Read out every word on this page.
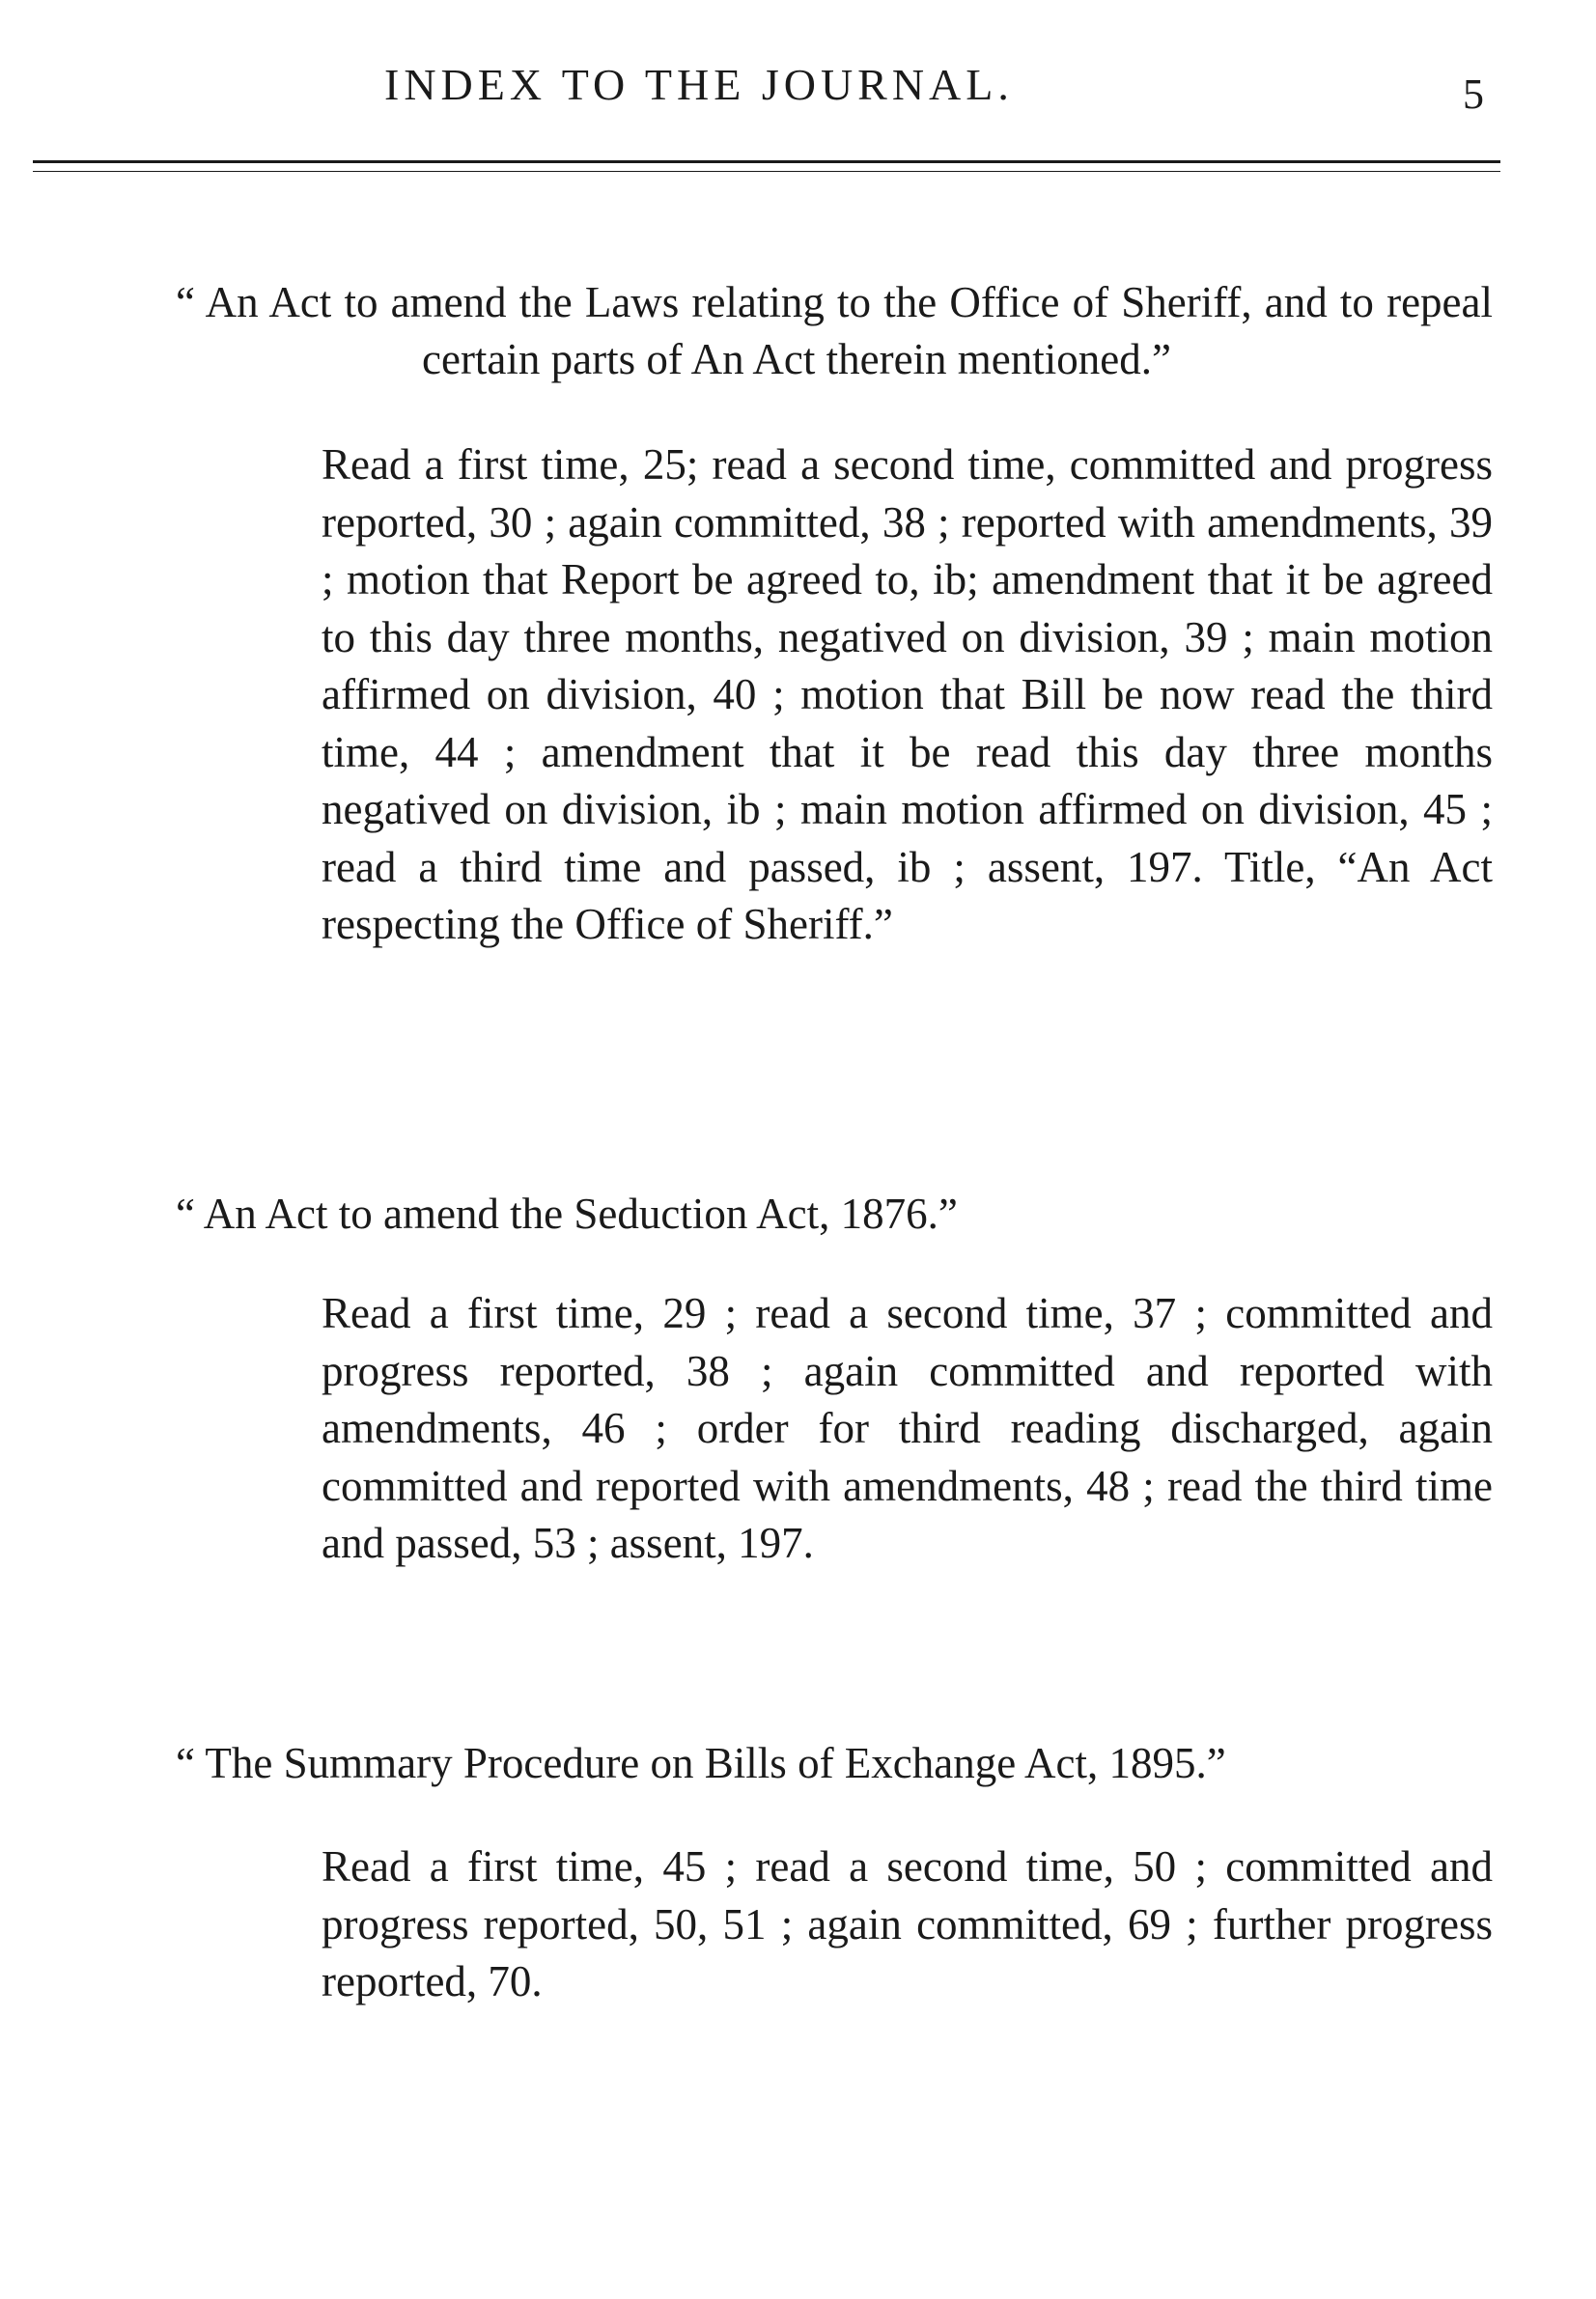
INDEX TO THE JOURNAL.	5
“ An Act to amend the Laws relating to the Office of Sheriff, and to repeal certain parts of An Act therein mentioned.”
Read a first time, 25; read a second time, committed and progress reported, 30 ; again committed, 38 ; reported with amendments, 39 ; motion that Report be agreed to, ib; amendment that it be agreed to this day three months, negatived on division, 39 ; main motion affirmed on division, 40 ; motion that Bill be now read the third time, 44 ; amendment that it be read this day three months negatived on division, ib ; main motion affirmed on division, 45 ; read a third time and passed, ib ; assent, 197. Title, “An Act respecting the Office of Sheriff.”
“ An Act to amend the Seduction Act, 1876.”
Read a first time, 29 ; read a second time, 37 ; committed and progress reported, 38 ; again committed and reported with amendments, 46 ; order for third reading discharged, again committed and reported with amendments, 48 ; read the third time and passed, 53 ; assent, 197.
“ The Summary Procedure on Bills of Exchange Act, 1895.”
Read a first time, 45 ; read a second time, 50 ; committed and progress reported, 50, 51 ; again committed, 69 ; further progress reported, 70.
